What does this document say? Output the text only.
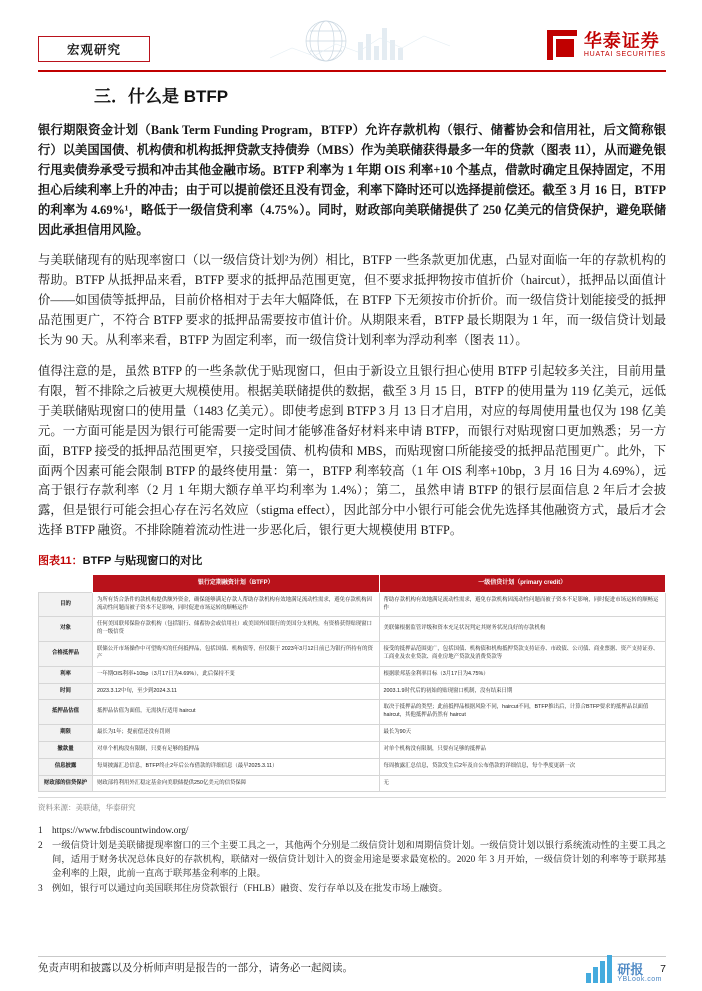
宏观研究	华泰证券
HUATAI SECURITIES
三．什么是 BTFP

银行期限资金计划（Bank Term Funding Program，BTFP）允许存款机构（银行、储蓄协会和信用社，后文简称银行）以美国国债、机构债和机构抵押贷款支持债券（MBS）作为美联储获得最多一年的贷款（图表 11），从而避免银行甩卖债券承受亏损和冲击其他金融市场。BTFP 利率为 1 年期 OIS 利率+10 个基点，借款时确定且保持固定，不用担心后续利率上升的冲击；由于可以提前偿还且没有罚金，利率下降时还可以选择提前偿还。截至 3 月 16 日，BTFP 的利率为 4.69%¹，略低于一级信贷利率（4.75%）。同时，财政部向美联储提供了 250 亿美元的信贷保护，避免联储因此承担信用风险。

与美联储现有的贴现率窗口（以一级信贷计划²为例）相比，BTFP 一些条款更加优惠，凸显对面临一年的存款机构的帮助。BTFP 从抵押品来看，BTFP 要求的抵押品范围更宽，但不要求抵押物按市值折价（haircut），抵押品以面值计价——如国债等抵押品，目前价格相对于去年大幅降低，在 BTFP 下无须按市价折价。而一级信贷计划能接受的抵押品范围更广，不符合 BTFP 要求的抵押品需要按市值计价。从期限来看，BTFP 最长期限为 1 年，而一级信贷计划最长为 90 天。从利率来看，BTFP 为固定利率，而一级信贷计划利率为浮动利率（图表 11）。

值得注意的是，虽然 BTFP 的一些条款优于贴现窗口，但由于新设立且银行担心使用 BTFP 引起较多关注，目前用量有限，暂不排除之后被更大规模使用。根据美联储提供的数据，截至 3 月 15 日，BTFP 的使用量为 119 亿美元，远低于美联储贴现窗口的使用量（1483 亿美元）。即使考虑到 BTFP 3 月 13 日才启用，对应的每周使用量也仅为 198 亿美元。一方面可能是因为银行可能需要一定时间才能够准备好材料来申请 BTFP，而银行对贴现窗口更加熟悉；另一方面，BTFP 接受的抵押品范围更窄，只接受国债、机构债和 MBS，而贴现窗口所能接受的抵押品范围更广。此外，下面两个因素可能会限制 BTFP 的最终使用量：第一，BTFP 利率较高（1 年 OIS 利率+10bp，3 月 16 日为 4.69%），远高于银行存款利率（2 月 1 年期大额存单平均利率为 1.4%）；第二，虽然申请 BTFP 的银行层面信息 2 年后才会披露，但是银行可能会担心存在污名效应（stigma effect），因此部分中小银行可能会优先选择其他融资方式，最后才会选择 BTFP 融资。不排除随着流动性进一步恶化后，银行更大规模使用 BTFP。

图表11：BTFP 与贴现窗口的对比
	银行定期融资计划（BTFP）	一级信贷计划（primary credit）
目的	为所有货合条件的款机构提供额外资金，确保能够满足存款人帮助存款机构有效地满足流动性需求，避免存款机构因流动性问题而被子资本不足影响，同时促进市场运转的顺畅运作	帮助存款机构有效地满足流动性需求，避免存款机构因流动性问题而被子资本不足影响，同时促进市场运转的顺畅运作
对象	任何美国联邦保险存款机构（包括银行、储蓄协会或信用社）或美国外国银行的美国分支机构，有资格获得贴现窗口的一级信贷	美联储根据监管评级和资本充足状况判定其财务状况良好的存款机构
合格抵押品	联储公开市场操作中可望购买的任何抵押品，包括国债、机构债等，但仅限于 2023年3月12日前已为银行所持有的资产	接受的抵押品范围更广，包括国债、机构债和机构抵押贷款支持证券、市政债、公司债、商业票据、资产支持证券、工商业及农业贷款、商业房地产贷款及消费贷款等
利率	一年期OIS利率+10bp（3月17日为4.69%），此后保持不变	根据联邦基金利率目标（3月17日为4.75%）
时间	2023.3.12中旬，至少到2024.3.11	2003.1.9时代后的初始的贴现窗口机制，没有结束日期
抵押品估值	抵押品估值为面值，无需执行适用 haircut	取决于抵押品的类型；此前抵押品根据风险不同，haircut不同，BTFP推出后，计算合BTFP要求的抵押品以面值 haircut，其他抵押品仍然有 haircut
期限	最长为1年；提前偿还没有罚则	最长为90天
撤款量	对单个机构没有限制，只要有足够的抵押品	对单个机构没有限制，只要有足够的抵押品
信息披露	每周披露汇总信息，BTFP终止2年后公布借款的详细信息（最早2025.3.11）	每周披露汇总信息，贷款发生后2年及自公布借款的详细信息，每个季度更新一次
财政部的信贷保护	财政部将利用外汇稳定基金向美联储提供250亿美元的信贷保障	无
资料来源：美联储，华泰研究
1	https://www.frbdiscountwindow.org/
2	一级信贷计划是美联储提现率窗口的三个主要工具之一，其他两个分别是二级信贷计划和周期信贷计划。一级信贷计划以银行系统流动性的主要工具之间，适用于财务状况总体良好的存款机构，联储对一级信贷计划计入的资金用途是要求最宽松的。2020 年 3 月开始，一级信贷计划的利率等于联邦基金利率的上限，此前一直高于联邦基金利率的上限。
3	例如，银行可以通过向美国联邦住房贷款银行（FHLB）融资、发行存单以及在批发市场上融资。
免责声明和披露以及分析师声明是报告的一部分，请务必一起阅读。	7
研报
YBLook.com
